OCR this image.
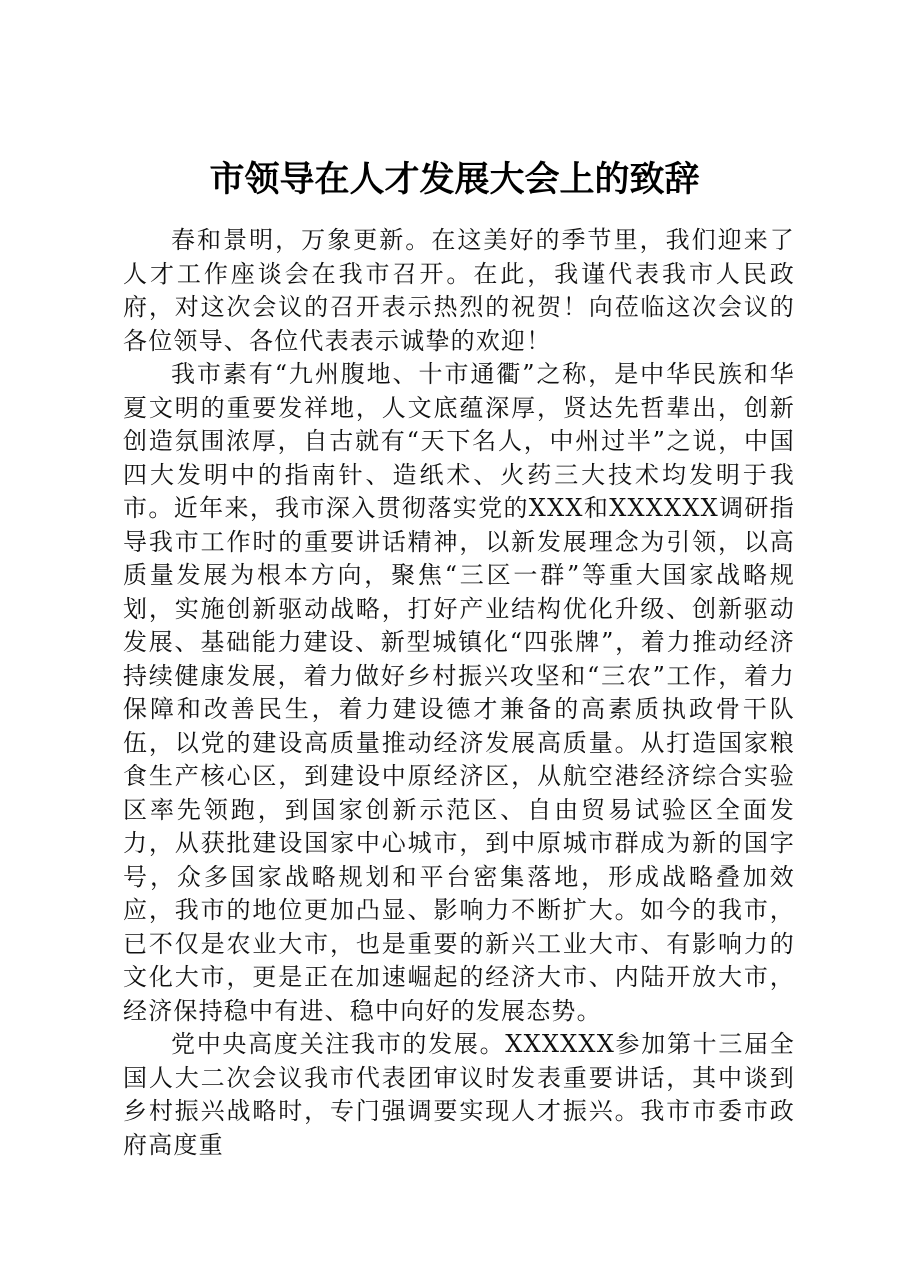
市领导在人才发展大会上的致辞

春和景明，万象更新。在这美好的季节里，我们迎来了人才工作座谈会在我市召开。在此，我谨代表我市人民政府，对这次会议的召开表示热烈的祝贺！向莅临这次会议的各位领导、各位代表表示诚挚的欢迎！

我市素有“九州腹地、十市通衢”之称，是中华民族和华夏文明的重要发祥地，人文底蕴深厚，贤达先哲辈出，创新创造氛围浓厚，自古就有“天下名人，中州过半”之说，中国四大发明中的指南针、造纸术、火药三大技术均发明于我市。近年来，我市深入贯彻落实党的XXX和XXXXXX调研指导我市工作时的重要讲话精神，以新发展理念为引领，以高质量发展为根本方向，聚焦“三区一群”等重大国家战略规划，实施创新驱动战略，打好产业结构优化升级、创新驱动发展、基础能力建设、新型城镇化“四张牌”，着力推动经济持续健康发展，着力做好乡村振兴攻坚和“三农”工作，着力保障和改善民生，着力建设德才兼备的高素质执政骨干队伍，以党的建设高质量推动经济发展高质量。从打造国家粮食生产核心区，到建设中原经济区，从航空港经济综合实验区率先领跑，到国家创新示范区、自由贸易试验区全面发力，从获批建设国家中心城市，到中原城市群成为新的国字号，众多国家战略规划和平台密集落地，形成战略叠加效应，我市的地位更加凸显、影响力不断扩大。如今的我市，已不仅是农业大市，也是重要的新兴工业大市、有影响力的文化大市，更是正在加速崛起的经济大市、内陆开放大市，经济保持稳中有进、稳中向好的发展态势。

党中央高度关注我市的发展。XXXXXX参加第十三届全国人大二次会议我市代表团审议时发表重要讲话，其中谈到乡村振兴战略时，专门强调要实现人才振兴。我市市委市政府高度重
